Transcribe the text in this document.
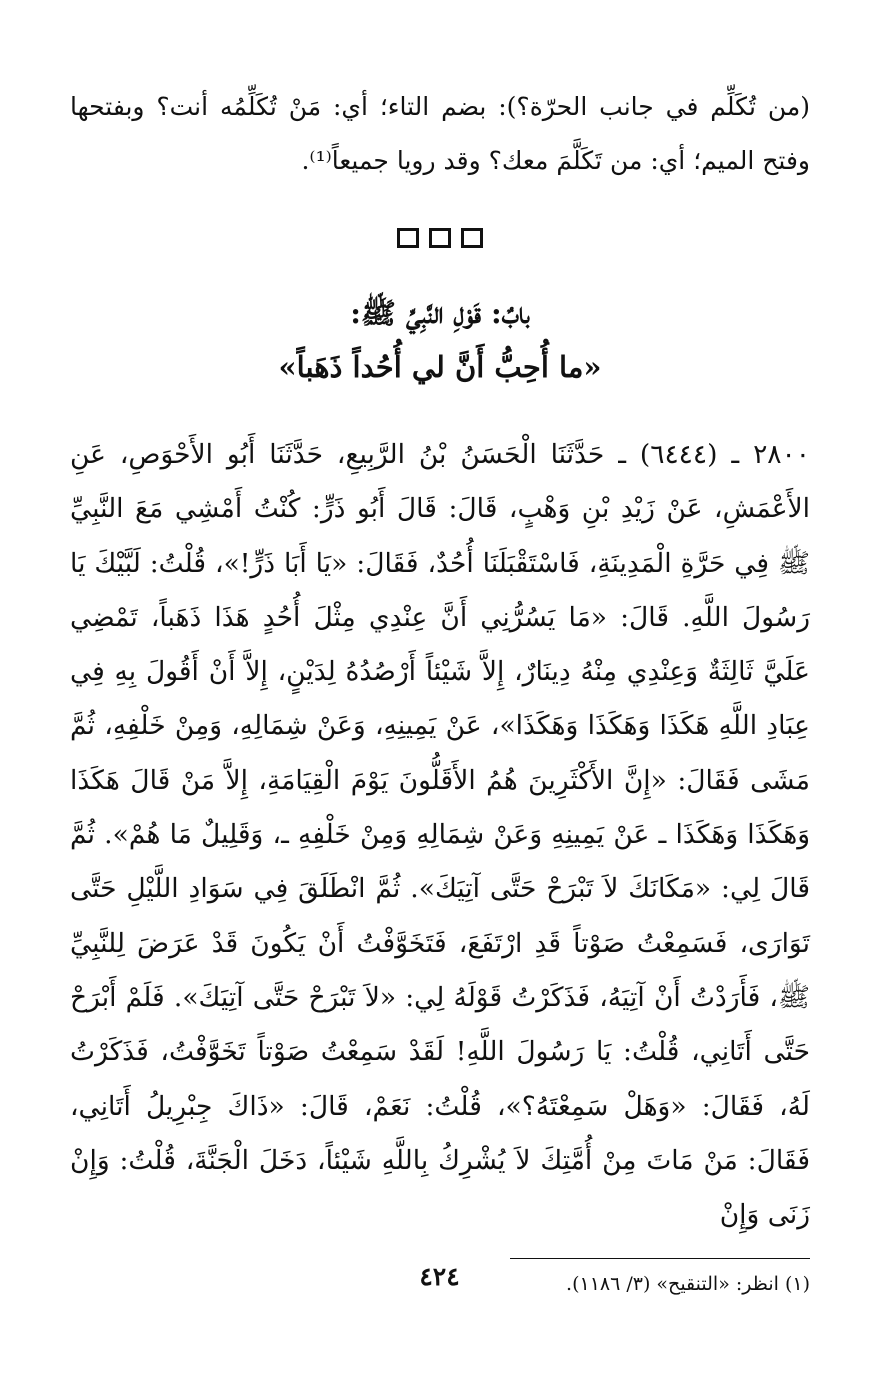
(من تُكَلِّم في جانب الحرّة؟): بضم التاء؛ أي: مَنْ تُكَلِّمُه أنت؟ وبفتحها وفتح الميم؛ أي: من تَكَلَّمَ معك؟ وقد رويا جميعاً⁽¹⁾.

بابٌ: قَوْلِ النَّبِيِّ ﷺ:
«ما أُحِبُّ أَنَّ لي أُحُداً ذَهَباً»

٢٨٠٠ ـ (٦٤٤٤) ـ حَدَّثَنَا الْحَسَنُ بْنُ الرَّبِيعِ، حَدَّثَنَا أَبُو الأَحْوَصِ، عَنِ الأَعْمَشِ، عَنْ زَيْدِ بْنِ وَهْبٍ، قَالَ: قَالَ أَبُو ذَرٍّ: كُنْتُ أَمْشِي مَعَ النَّبِيِّ ﷺ فِي حَرَّةِ الْمَدِينَةِ، فَاسْتَقْبَلَنَا أُحُدٌ، فَقَالَ: «يَا أَبَا ذَرٍّ!»، قُلْتُ: لَبَّيْكَ يَا رَسُولَ اللَّهِ. قَالَ: «مَا يَسُرُّنِي أَنَّ عِنْدِي مِثْلَ أُحُدٍ هَذَا ذَهَباً، تَمْضِي عَلَيَّ ثَالِثَةٌ وَعِنْدِي مِنْهُ دِينَارٌ، إِلاَّ شَيْئاً أَرْصُدُهُ لِدَيْنٍ، إِلاَّ أَنْ أَقُولَ بِهِ فِي عِبَادِ اللَّهِ هَكَذَا وَهَكَذَا وَهَكَذَا»، عَنْ يَمِينِهِ، وَعَنْ شِمَالِهِ، وَمِنْ خَلْفِهِ، ثُمَّ مَشَى فَقَالَ: «إِنَّ الأَكْثَرِينَ هُمُ الأَقَلُّونَ يَوْمَ الْقِيَامَةِ، إِلاَّ مَنْ قَالَ هَكَذَا وَهَكَذَا وَهَكَذَا ـ عَنْ يَمِينِهِ وَعَنْ شِمَالِهِ وَمِنْ خَلْفِهِ ـ، وَقَلِيلٌ مَا هُمْ». ثُمَّ قَالَ لِي: «مَكَانَكَ لاَ تَبْرَحْ حَتَّى آتِيَكَ». ثُمَّ انْطَلَقَ فِي سَوَادِ اللَّيْلِ حَتَّى تَوَارَى، فَسَمِعْتُ صَوْتاً قَدِ ارْتَفَعَ، فَتَخَوَّفْتُ أَنْ يَكُونَ قَدْ عَرَضَ لِلنَّبِيِّ ﷺ، فَأَرَدْتُ أَنْ آتِيَهُ، فَذَكَرْتُ قَوْلَهُ لِي: «لاَ تَبْرَحْ حَتَّى آتِيَكَ». فَلَمْ أَبْرَحْ حَتَّى أَتَانِي، قُلْتُ: يَا رَسُولَ اللَّهِ! لَقَدْ سَمِعْتُ صَوْتاً تَخَوَّفْتُ، فَذَكَرْتُ لَهُ، فَقَالَ: «وَهَلْ سَمِعْتَهُ؟»، قُلْتُ: نَعَمْ، قَالَ: «ذَاكَ جِبْرِيلُ أَتَانِي، فَقَالَ: مَنْ مَاتَ مِنْ أُمَّتِكَ لاَ يُشْرِكُ بِاللَّهِ شَيْئاً، دَخَلَ الْجَنَّةَ، قُلْتُ: وَإِنْ زَنَى وَإِنْ

(١) انظر: «التنقيح» (٣/ ١١٨٦).
٤٢٤
